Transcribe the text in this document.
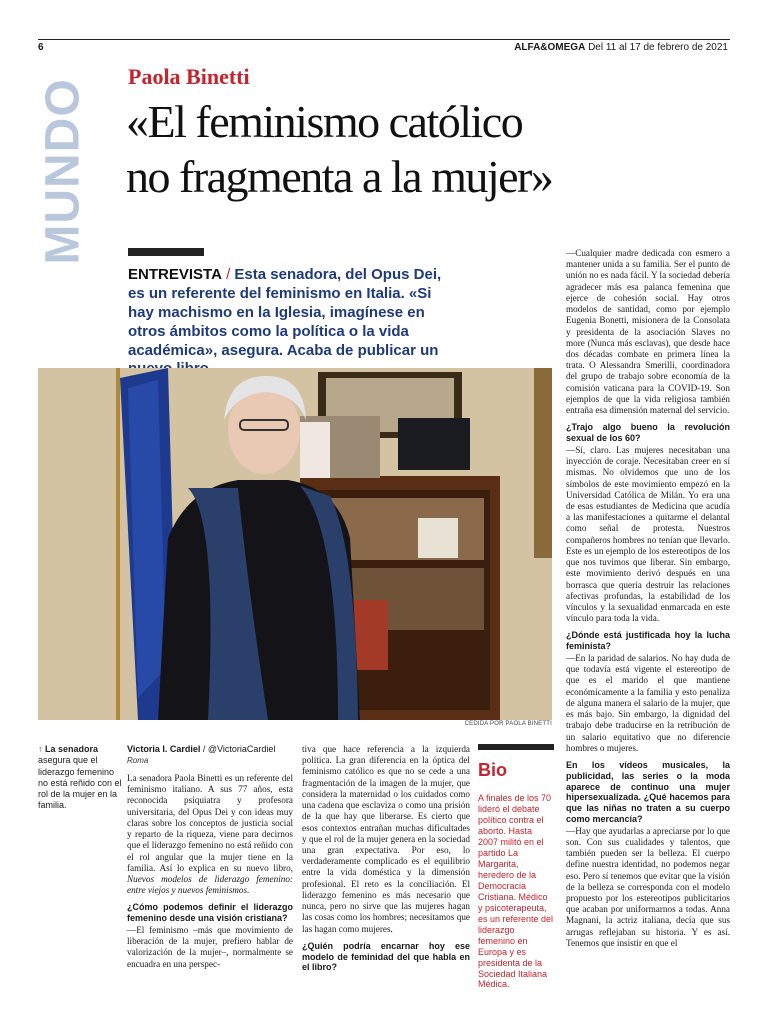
6	ALFA&OMEGA Del 11 al 17 de febrero de 2021
MUNDO
Paola Binetti
«El feminismo católico
no fragmenta a la mujer»
ENTREVISTA / Esta senadora, del Opus Dei, es un referente del feminismo en Italia. «Si hay machismo en la Iglesia, imagínese en otros ámbitos como la política o la vida académica», asegura. Acaba de publicar un
CEDIDA POR PAOLA BINETTI
↑ La senadora asegura que el liderazgo femenino no está reñido con el rol de la mujer en la familia.
Victoria I. Cardiel / @VictoriaCardiel
Roma

La senadora Paola Binetti es un referente del feminismo italiano. A sus 77 años, esta reconocida psiquiatra y profesora universitaria, del Opus Dei y con ideas muy claras sobre los conceptos de justicia social y reparto de la riqueza, viene para decirnos que el liderazgo femenino no está reñido con el rol angular que la mujer tiene en la familia. Así lo explica en su nuevo libro, Nuevos modelos de liderazgo femenino: entre viejos y nuevos feminismos.

¿Cómo podemos definir el liderazgo femenino desde una visión cristiana?

—El feminismo –más que movimiento de liberación de la mujer, prefiero hablar de valorización de la mujer–, normalmente se encuadra en una perspec-

tiva que hace referencia a la izquierda política. La gran diferencia en la óptica del feminismo católico es que no se cede a una fragmentación de la imagen de la mujer, que considera la maternidad o los cuidados como una cadena que esclaviza o como una prisión de la que hay que liberarse. Es cierto que esos contextos entrañan muchas dificultades y que el rol de la mujer genera en la sociedad una gran expectativa. Por eso, lo verdaderamente complicado es el equilibrio entre la vida doméstica y la dimensión profesional. El reto es la conciliación. El liderazgo femenino es más necesario que nunca, pero no sirve que las mujeres hagan las cosas como los hombres; necesitamos que las hagan como mujeres.

¿Quién podría encarnar hoy ese modelo de feminidad del que habla en el libro?

Bio

A finales de los 70 lideró el debate político contra el aborto. Hasta 2007 militó en el partido La Margarita, heredero de la Democracia Cristiana. Médico y psicoterapeuta, es un referente del liderazgo femenino en Europa y es presidenta de la Sociedad Italiana Médica.

—Cualquier madre dedicada con esmero a mantener unida a su familia. Ser el punto de unión no es nada fácil. Y la sociedad debería agradecer más esa palanca femenina que ejerce de cohesión social. Hay otros modelos de santidad, como por ejemplo Eugenia Bonetti, misionera de la Consolata y presidenta de la asociación Slaves no more (Nunca más esclavas), que desde hace dos décadas combate en primera línea la trata. O Alessandra Smerilli, coordinadora del grupo de trabajo sobre economía de la comisión vaticana para la COVID-19. Son ejemplos de que la vida religiosa también entraña esa dimensión maternal del servicio.

¿Trajo algo bueno la revolución sexual de los 60?

—Sí, claro. Las mujeres necesitaban una inyección de coraje. Necesitaban creer en sí mismas. No olvidemos que uno de los símbolos de este movimiento empezó en la Universidad Católica de Milán. Yo era una de esas estudiantes de Medicina que acudía a las manifestaciones a quitarme el delantal como señal de protesta. Nuestros compañeros hombres no tenían que llevarlo. Este es un ejemplo de los estereotipos de los que nos tuvimos que liberar. Sin embargo, este movimiento derivó después en una borrasca que quería destruir las relaciones afectivas profundas, la estabilidad de los vínculos y la sexualidad enmarcada en este vínculo para toda la vida.

¿Dónde está justificada hoy la lucha feminista?

—En la paridad de salarios. No hay duda de que todavía está vigente el estereotipo de que es el marido el que mantiene económicamente a la familia y esto penaliza de alguna manera el salario de la mujer, que es más bajo. Sin embargo, la dignidad del trabajo debe traducirse en la retribución de un salario equitativo que no diferencie hombres o mujeres.

En los vídeos musicales, la publicidad, las series o la moda aparece de continuo una mujer hipersexualizada. ¿Qué hacemos para que las niñas no traten a su cuerpo como mercancía?

—Hay que ayudarlas a apreciarse por lo que son. Con sus cualidades y talentos, que también pueden ser la belleza. El cuerpo define nuestra identidad, no podemos negar eso. Pero sí tenemos que evitar que la visión de la belleza se corresponda con el modelo propuesto por los estereotipos publicitarios que acaban por uniformarnos a todas. Anna Magnani, la actriz italiana, decía que sus arrugas reflejaban su historia. Y es así. Tenemos que insistir en que el
